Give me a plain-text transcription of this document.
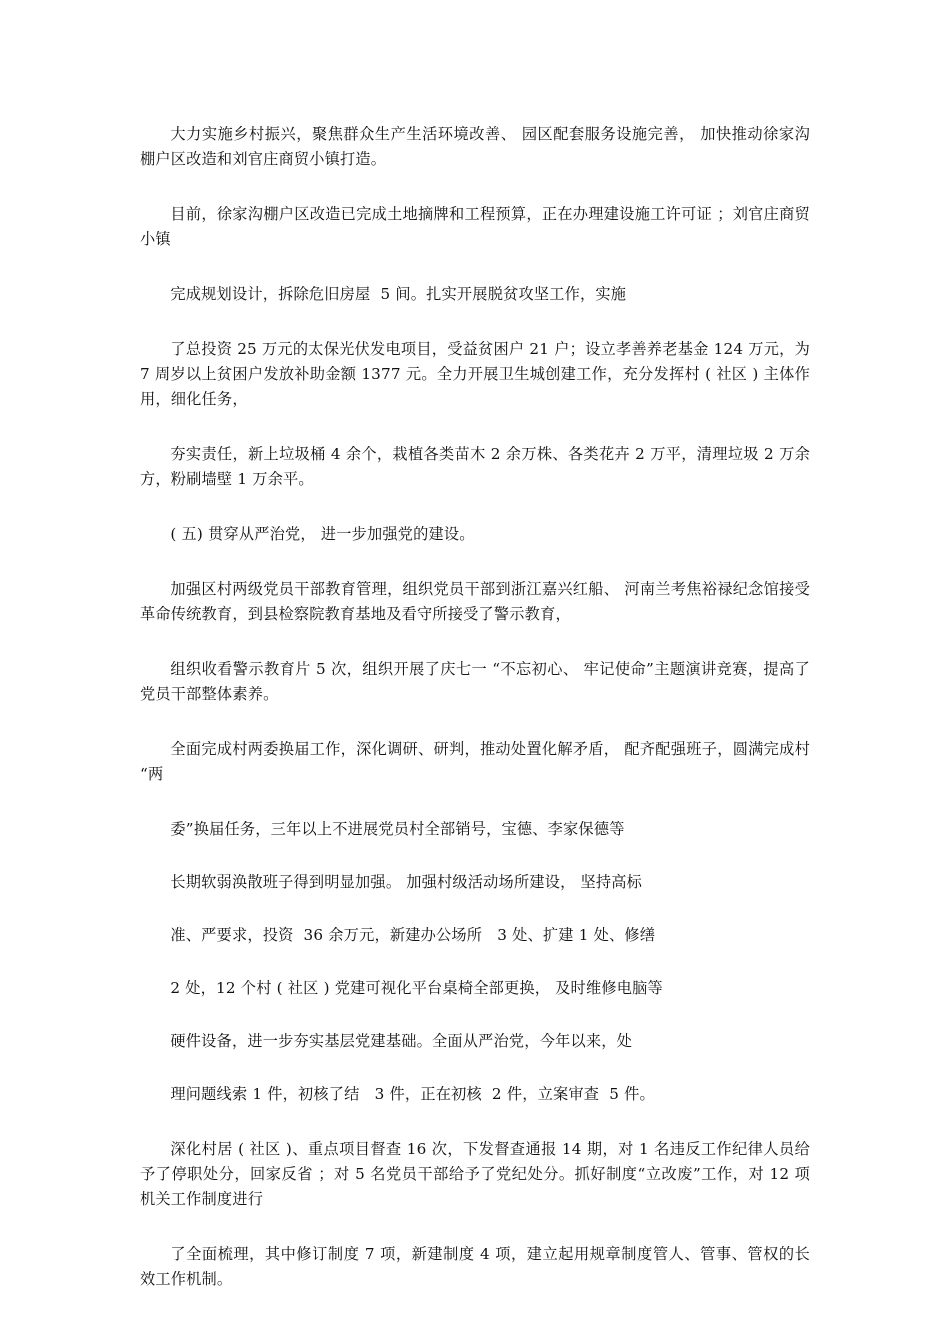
大力实施乡村振兴，聚焦群众生产生活环境改善、 园区配套服务设施完善， 加快推动徐家沟棚户区改造和刘官庄商贸小镇打造。

目前，徐家沟棚户区改造已完成土地摘牌和工程预算，正在办理建设施工许可证 ；刘官庄商贸小镇

完成规划设计，拆除危旧房屋  5 间。扎实开展脱贫攻坚工作，实施

了总投资 25 万元的太保光伏发电项目，受益贫困户 21 户；设立孝善养老基金 124 万元，为 7 周岁以上贫困户发放补助金额 1377 元。全力开展卫生城创建工作，充分发挥村 ( 社区 ) 主体作用，细化任务，

夯实责任，新上垃圾桶 4 余个，栽植各类苗木 2 余万株、各类花卉 2 万平，清理垃圾 2 万余方，粉刷墙壁 1 万余平。

( 五) 贯穿从严治党， 进一步加强党的建设。

加强区村两级党员干部教育管理，组织党员干部到浙江嘉兴红船、 河南兰考焦裕禄纪念馆接受革命传统教育，到县检察院教育基地及看守所接受了警示教育，

组织收看警示教育片 5 次，组织开展了庆七一 “不忘初心、 牢记使命”主题演讲竞赛，提高了党员干部整体素养。

全面完成村两委换届工作，深化调研、研判，推动处置化解矛盾， 配齐配强班子，圆满完成村 “两

委”换届任务，三年以上不进展党员村全部销号，宝德、李家保德等

长期软弱涣散班子得到明显加强。 加强村级活动场所建设， 坚持高标

准、严要求，投资  36 余万元，新建办公场所   3 处、扩建 1 处、修缮

2 处，12 个村 ( 社区 ) 党建可视化平台桌椅全部更换， 及时维修电脑等

硬件设备，进一步夯实基层党建基础。全面从严治党，今年以来，处

理问题线索 1 件，初核了结   3 件，正在初核  2 件，立案审查  5 件。

深化村居 ( 社区 )、重点项目督查 16 次，下发督查通报 14 期，对 1 名违反工作纪律人员给予了停职处分，回家反省 ；对 5 名党员干部给予了党纪处分。抓好制度“立改废”工作，对 12 项机关工作制度进行

了全面梳理，其中修订制度 7 项，新建制度 4 项，建立起用规章制度管人、管事、管权的长效工作机制。
